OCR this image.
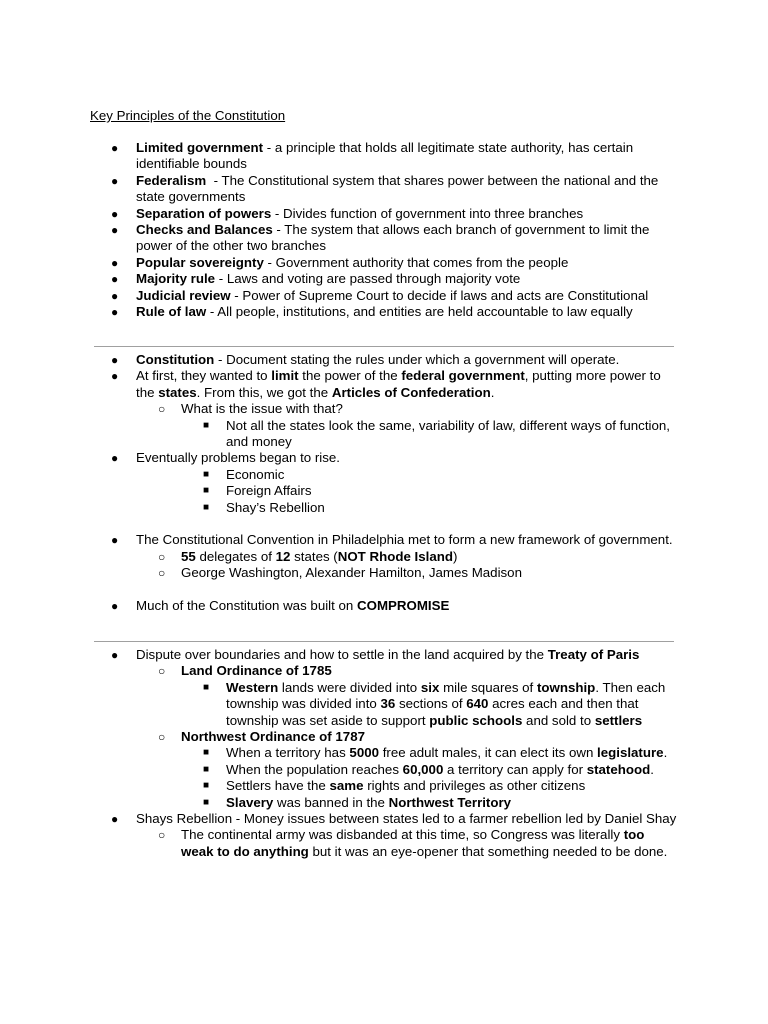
Key Principles of the Constitution
●	Limited government - a principle that holds all legitimate state authority, has certain identifiable bounds
●	Federalism  - The Constitutional system that shares power between the national and the state governments
●	Separation of powers - Divides function of government into three branches
●	Checks and Balances - The system that allows each branch of government to limit the power of the other two branches
●	Popular sovereignty - Government authority that comes from the people
●	Majority rule - Laws and voting are passed through majority vote
●	Judicial review - Power of Supreme Court to decide if laws and acts are Constitutional
●	Rule of law - All people, institutions, and entities are held accountable to law equally
●	Constitution - Document stating the rules under which a government will operate.
●	At first, they wanted to limit the power of the federal government, putting more power to the states. From this, we got the Articles of Confederation.
○	What is the issue with that?
■	Not all the states look the same, variability of law, different ways of function, and money
●	Eventually problems began to rise.
■	Economic
■	Foreign Affairs
■	Shay’s Rebellion
●	The Constitutional Convention in Philadelphia met to form a new framework of government.
○	55 delegates of 12 states (NOT Rhode Island)
○	George Washington, Alexander Hamilton, James Madison
●	Much of the Constitution was built on COMPROMISE
●	Dispute over boundaries and how to settle in the land acquired by the Treaty of Paris
○	Land Ordinance of 1785
■	Western lands were divided into six mile squares of township. Then each township was divided into 36 sections of 640 acres each and then that township was set aside to support public schools and sold to settlers
○	Northwest Ordinance of 1787
■	When a territory has 5000 free adult males, it can elect its own legislature.
■	When the population reaches 60,000 a territory can apply for statehood.
■	Settlers have the same rights and privileges as other citizens
■	Slavery was banned in the Northwest Territory
●	Shays Rebellion - Money issues between states led to a farmer rebellion led by Daniel Shay
○	The continental army was disbanded at this time, so Congress was literally too weak to do anything but it was an eye-opener that something needed to be done.
